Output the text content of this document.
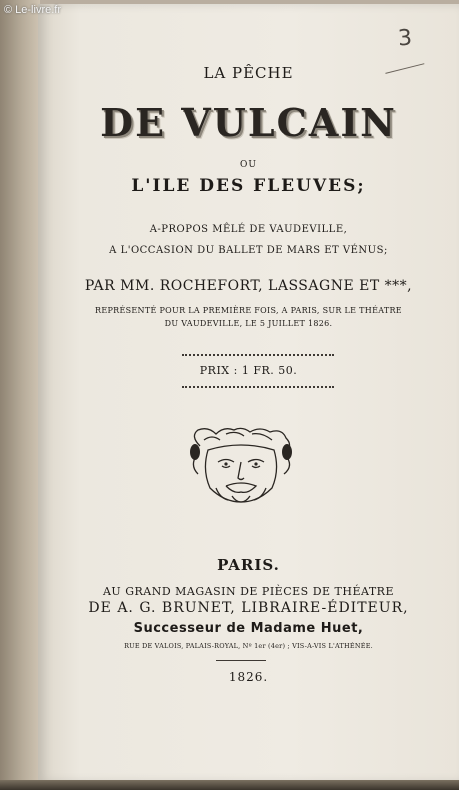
© Le-livre.fr
3
LA PÊCHE
DE VULCAIN
OU
L'ILE DES FLEUVES;
A-PROPOS MÊLÉ DE VAUDEVILLE,
A L'OCCASION DU BALLET DE MARS ET VÉNUS;
PAR MM. ROCHEFORT, LASSAGNE ET ***,
REPRÉSENTÉ POUR LA PREMIÈRE FOIS, A PARIS, SUR LE THÉATRE
DU VAUDEVILLE, LE 5 JUILLET 1826.
PRIX : 1 FR. 50.
PARIS.
AU GRAND MAGASIN DE PIÈCES DE THÉATRE
DE A. G. BRUNET, LIBRAIRE-ÉDITEUR,
Successeur de Madame Huet,
RUE DE VALOIS, PALAIS-ROYAL, Nº 1er (4er) ; VIS-A-VIS L'ATHÉNÉE.
1826.
